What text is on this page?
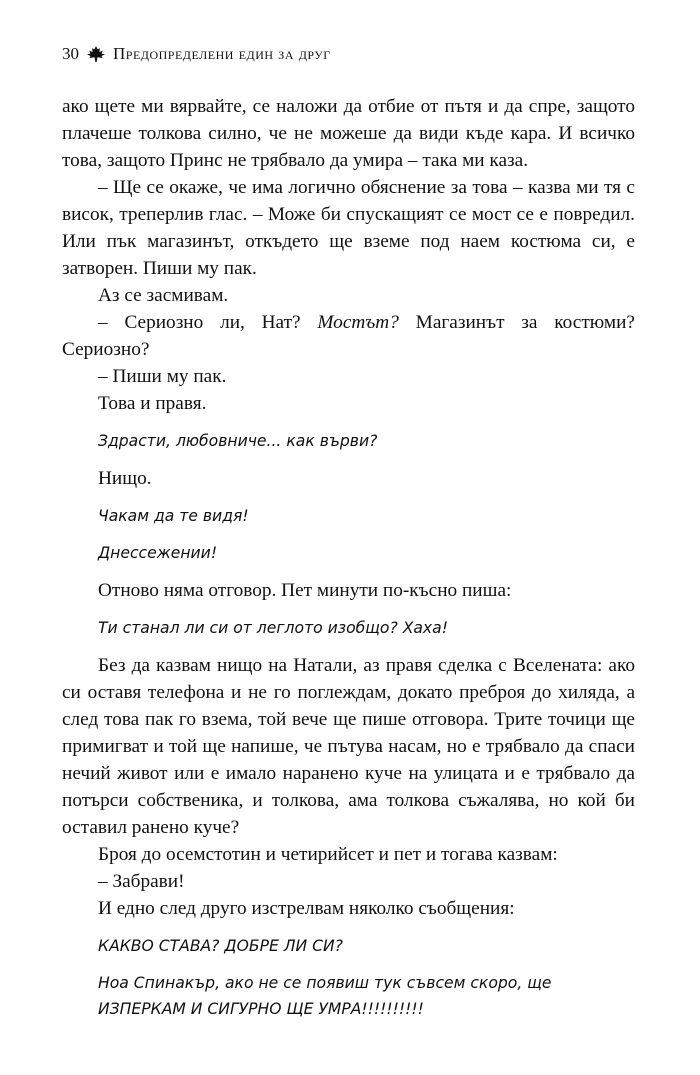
30 Предопределени един за друг

ако щете ми вярвайте, се наложи да отбие от пътя и да спре, защото плачеше толкова силно, че не можеше да види къде кара. И всичко това, защото Принс не трябвало да умира – така ми каза.

– Ще се окаже, че има логично обяснение за това – казва ми тя с висок, треперлив глас. – Може би спускащият се мост се е повредил. Или пък магазинът, откъдето ще вземе под наем костюма си, е затворен. Пиши му пак.

Аз се засмивам.

– Сериозно ли, Нат? Мостът? Магазинът за костюми? Сериозно?

– Пиши му пак.

Това и правя.

Здрасти, любовниче... как върви?

Нищо.

Чакам да те видя!
Днессежении!

Отново няма отговор. Пет минути по-късно пиша:

Ти станал ли си от леглото изобщо? Хаха!

Без да казвам нищо на Натали, аз правя сделка с Вселената: ако си оставя телефона и не го поглеждам, докато преброя до хиляда, а след това пак го взема, той вече ще пише отговора. Трите точици ще примигват и той ще напише, че пътува насам, но е трябвало да спаси нечий живот или е имало наранено куче на улицата и е трябвало да потърси собственика, и толкова, ама толкова съжалява, но кой би оставил ранено куче?

Броя до осемстотин и четирийсет и пет и тогава казвам:

– Забрави!

И едно след друго изстрелвам няколко съобщения:

КАКВО СТАВА? ДОБРЕ ЛИ СИ?
Ноа Спинакър, ако не се появиш тук съвсем скоро, ще ИЗПЕРКАМ И СИГУРНО ЩЕ УМРА!!!!!!!!!!
